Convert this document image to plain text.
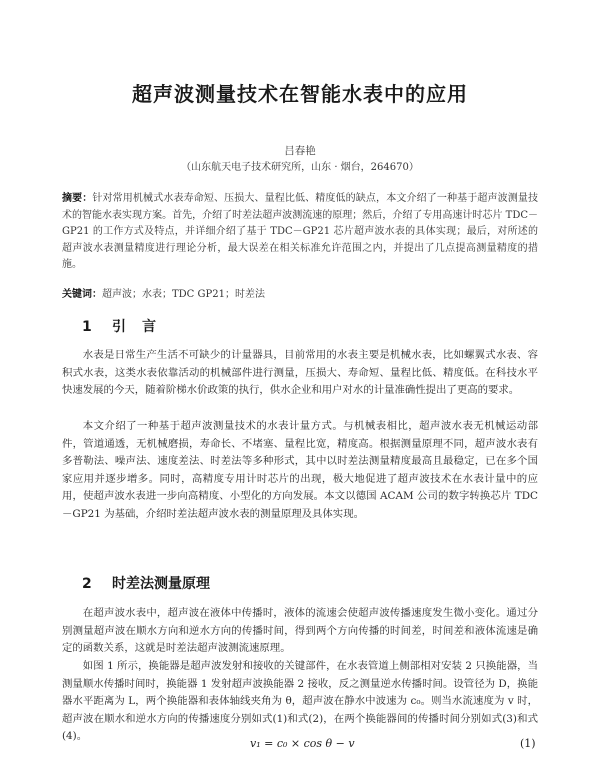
超声波测量技术在智能水表中的应用
吕春艳
（山东航天电子技术研究所，山东 · 烟台，264670）
摘要：针对常用机械式水表寿命短、压损大、量程比低、精度低的缺点，本文介绍了一种基于超声波测量技术的智能水表实现方案。首先，介绍了时差法超声波测流速的原理；然后，介绍了专用高速计时芯片 TDC－GP21 的工作方式及特点，并详细介绍了基于 TDC－GP21 芯片超声波水表的具体实现；最后，对所述的超声波水表测量精度进行理论分析，最大误差在相关标准允许范围之内，并提出了几点提高测量精度的措施。
关键词：超声波；水表；TDC GP21；时差法
1 引言

水表是日常生产生活不可缺少的计量器具，目前常用的水表主要是机械水表，比如螺翼式水表、容积式水表，这类水表依靠活动的机械部件进行测量，压损大、寿命短、量程比低、精度低。在科技水平快速发展的今天，随着阶梯水价政策的执行，供水企业和用户对水的计量准确性提出了更高的要求。

本文介绍了一种基于超声波测量技术的水表计量方式。与机械表相比，超声波水表无机械运动部件，管道通透，无机械磨损，寿命长、不堵塞、量程比宽，精度高。根据测量原理不同，超声波水表有多普勒法、噪声法、速度差法、时差法等多种形式，其中以时差法测量精度最高且最稳定，已在多个国家应用并逐步增多。同时，高精度专用计时芯片的出现，极大地促进了超声波技术在水表计量中的应用，使超声波水表进一步向高精度、小型化的方向发展。本文以德国 ACAM 公司的数字转换芯片 TDC－GP21 为基础，介绍时差法超声波水表的测量原理及具体实现。

2 时差法测量原理

在超声波水表中，超声波在液体中传播时，液体的流速会使超声波传播速度发生微小变化。通过分别测量超声波在顺水方向和逆水方向的传播时间，得到两个方向传播的时间差，时间差和液体流速是确定的函数关系，这就是时差法超声波测流速原理。

如图 1 所示，换能器是超声波发射和接收的关键部件，在水表管道上侧部相对安装 2 只换能器，当测量顺水传播时间时，换能器 1 发射超声波换能器 2 接收，反之测量逆水传播时间。设管径为 D，换能器水平距离为 L，两个换能器和表体轴线夹角为 θ，超声波在静水中波速为 c₀。则当水流速度为 v 时，超声波在顺水和逆水方向的传播速度分别如式(1)和式(2)，在两个换能器间的传播时间分别如式(3)和式(4)。

v₁ = c₀ × cos θ − v	(1)
